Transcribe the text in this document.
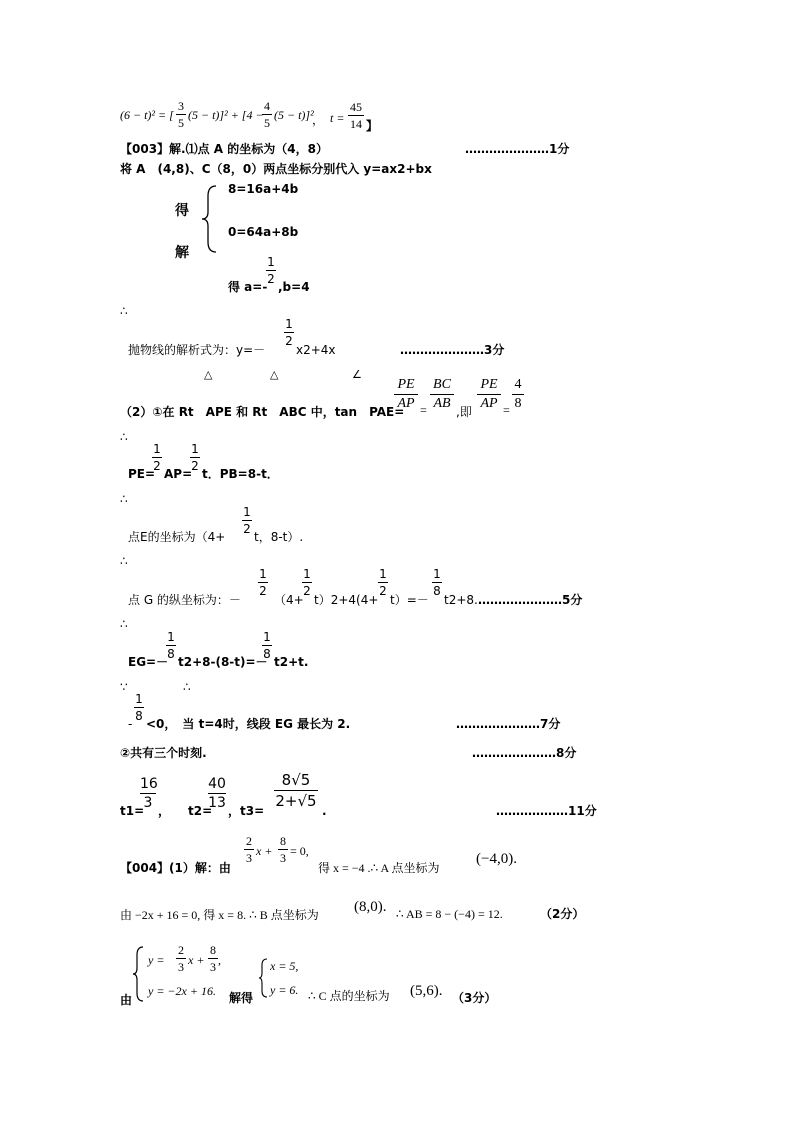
(6 − t)² = [
3
5
(5 − t)]² + [4 −
4
5
(5 − t)]²
， t =
45
14 】
【003】解.⑴点 A 的坐标为（4，8）	…………………1分
将 A　(4,8)、C（8，0）两点坐标分别代入 y=ax2+bx
得
解
8=16a+4b
0=64a+8b
得 a=-
1
2
,b=4
∴
抛物线的解析式为：y=－
1
2
x2+4x	…………………3分
△	△	∠
（2）①在 Rt　APE 和 Rt　ABC 中，tan　PAE=
PE
AP =
BC
AB
,即
PE
AP =
4
8
∴
PE=
1
2
AP=
1
2
t．PB=8-t．
∴
点E的坐标为（4+
1
2
t，8-t）.
∴
点 G 的纵坐标为：－
1
2
（4+
1
2
t）2+4(4+
1
2
t）=－
1
8
t2+8. …………………5分
∴
EG=－
1
8
t2+8-(8-t)=－
1
8
t2+t.
∵	∴
-
1
8
<0，　当 t=4时，线段 EG 最长为 2.	…………………7分
②共有三个时刻.	…………………8分
t1=
16
3 ，　　t2=
40
13 ，t3=
8√5
2+√5
.	………………11分
【004】(1）解：由
2
3 x +
8
3 = 0,
得 x = −4 .∴ A 点坐标为
(−4,0).
由 −2x + 16 = 0, 得 x = 8. ∴ B 点坐标为 (8,0). ∴ AB = 8 − (−4) = 12.	（2分）
y =
2
3 x +
8
3 ,
y = −2x + 16.
由	解得
x = 5,
y = 6. ∴ C 点的坐标为 (5,6). （3分）
